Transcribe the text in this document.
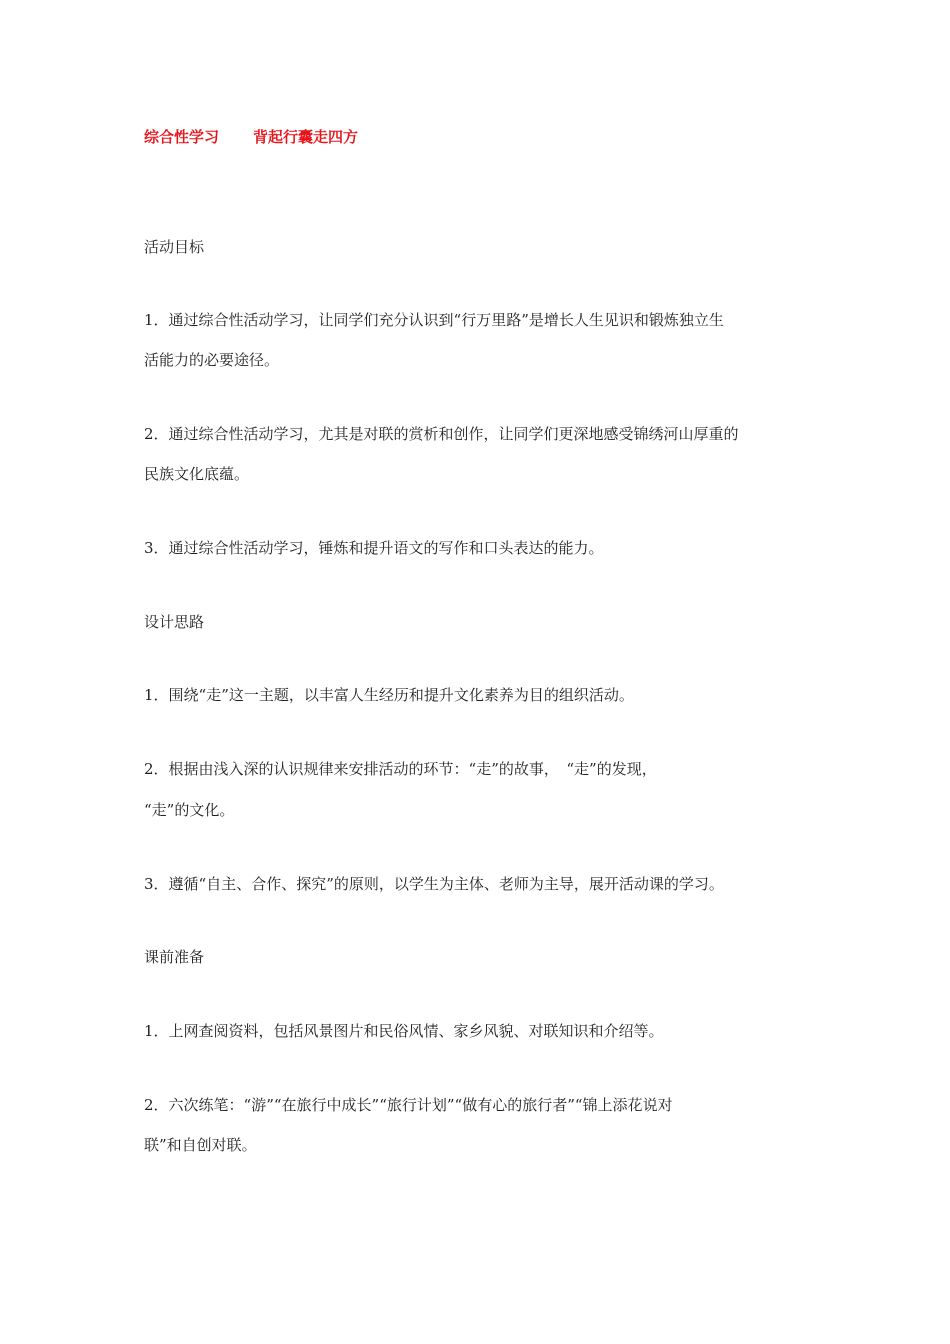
综合性学习 背起行囊走四方
活动目标
1．通过综合性活动学习，让同学们充分认识到“行万里路”是增长人生见识和锻炼独立生
活能力的必要途径。
2．通过综合性活动学习，尤其是对联的赏析和创作，让同学们更深地感受锦绣河山厚重的
民族文化底蕴。
3．通过综合性活动学习，锤炼和提升语文的写作和口头表达的能力。
设计思路
1．围绕“走”这一主题，以丰富人生经历和提升文化素养为目的组织活动。
2．根据由浅入深的认识规律来安排活动的环节：“走”的故事，　“走”的发现，
“走”的文化。
3．遵循“自主、合作、探究”的原则，以学生为主体、老师为主导，展开活动课的学习。
课前准备
1．上网查阅资料，包括风景图片和民俗风情、家乡风貌、对联知识和介绍等。
2．六次练笔：“游”“在旅行中成长”“旅行计划”“做有心的旅行者”“锦上添花说对
联”和自创对联。
